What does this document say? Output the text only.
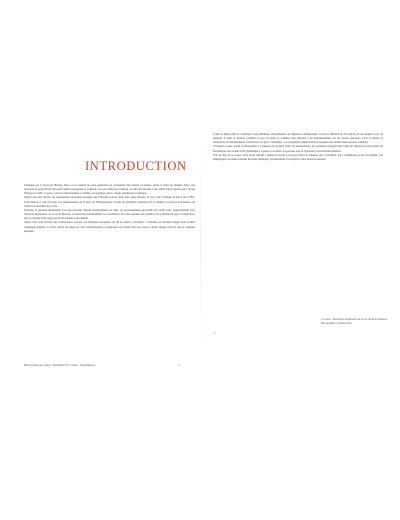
INTRODUCTION

L'Ukraine est à l'ouest de l'Europe. Kiev est la capitale de notre génération au croisement d'un monde en rupture. Après la chute de l'empire, Kiev s'est retrouvée au point de bascule entre l'Union européenne et la Russie, au cœur même du continent. Le rôle de l'Ukraine a été central dans la guerre qui a ravagé l'Europe en 1939 ; le pays a vécu la collectivisation, la famine, l'occupation, puis la longue domination soviétique.

Jusqu'à une date récente, les responsables européens pensaient que l'Ukraine pouvait rester entre deux mondes, ni tout à fait à l'Ouest, ni tout à fait à l'Est. Cette illusion a volé en éclats. Les manifestations de la place de l'Indépendance, la fuite du président, l'annexion de la Crimée et la guerre du Donbass ont révélé la profondeur de la crise.

Pourtant, la question ukrainienne n'est pas nouvelle. Depuis l'indépendance de 1991, les gouvernements successifs ont oscillé entre rapprochement avec l'Ouest et dépendance vis-à-vis de Moscou. Les élections présidentielles, les révolutions, les crises gazières ont rythmé la vie politique du pays. L'oligarchie a pris le contrôle d'une large part de l'économie et des médias.

Après avoir tenté d'éviter une confrontation ouverte, les dirigeants européens ont dû se rendre à l'évidence : l'Ukraine est devenue l'enjeu d'une rivalité stratégique majeure. Ce livre retrace les étapes de cette transformation et s'interroge sur l'avenir d'un pays dont le destin engage celui de tout le continent européen.

Photographies en couleur : Maximilian Nil / Lindos · Depositphotos.	11

L'idée de départ était de contribuer à une meilleure compréhension de l'Ukraine contemporaine. À travers l'histoire de ses régions, de ses langues et de ses identités, il s'agit de montrer combien le pays est divers et combien cette diversité a été instrumentalisée par les acteurs extérieurs. L'Est et l'Ouest, le russophone et l'ukrainophone, l'orthodoxe et le gréco-catholique : ces oppositions simplificatrices masquent une réalité beaucoup plus complexe.

L'Ukraine est une société en mouvement. La jeunesse des grandes villes, les entrepreneurs, les volontaires engagés dans l'aide aux déplacés et aux soldats ont fait émerger une société civile dynamique. La guerre a accéléré ce processus tout en l'exposant à de nouvelles menaces.

Tout au long de ces pages, nous avons cherché à donner la parole à ceux qui vivent en Ukraine, qui y travaillent, qui y combattent ou qui l'ont quittée. Les témoignages recueillis éclairent les choix politiques, les hésitations et les espoirs d'une nation en devenir.

Ci-contre : funérailles de Khrakiv, sur le rive droite du Dniester.
Photographie : Yousuba 2020.
12
